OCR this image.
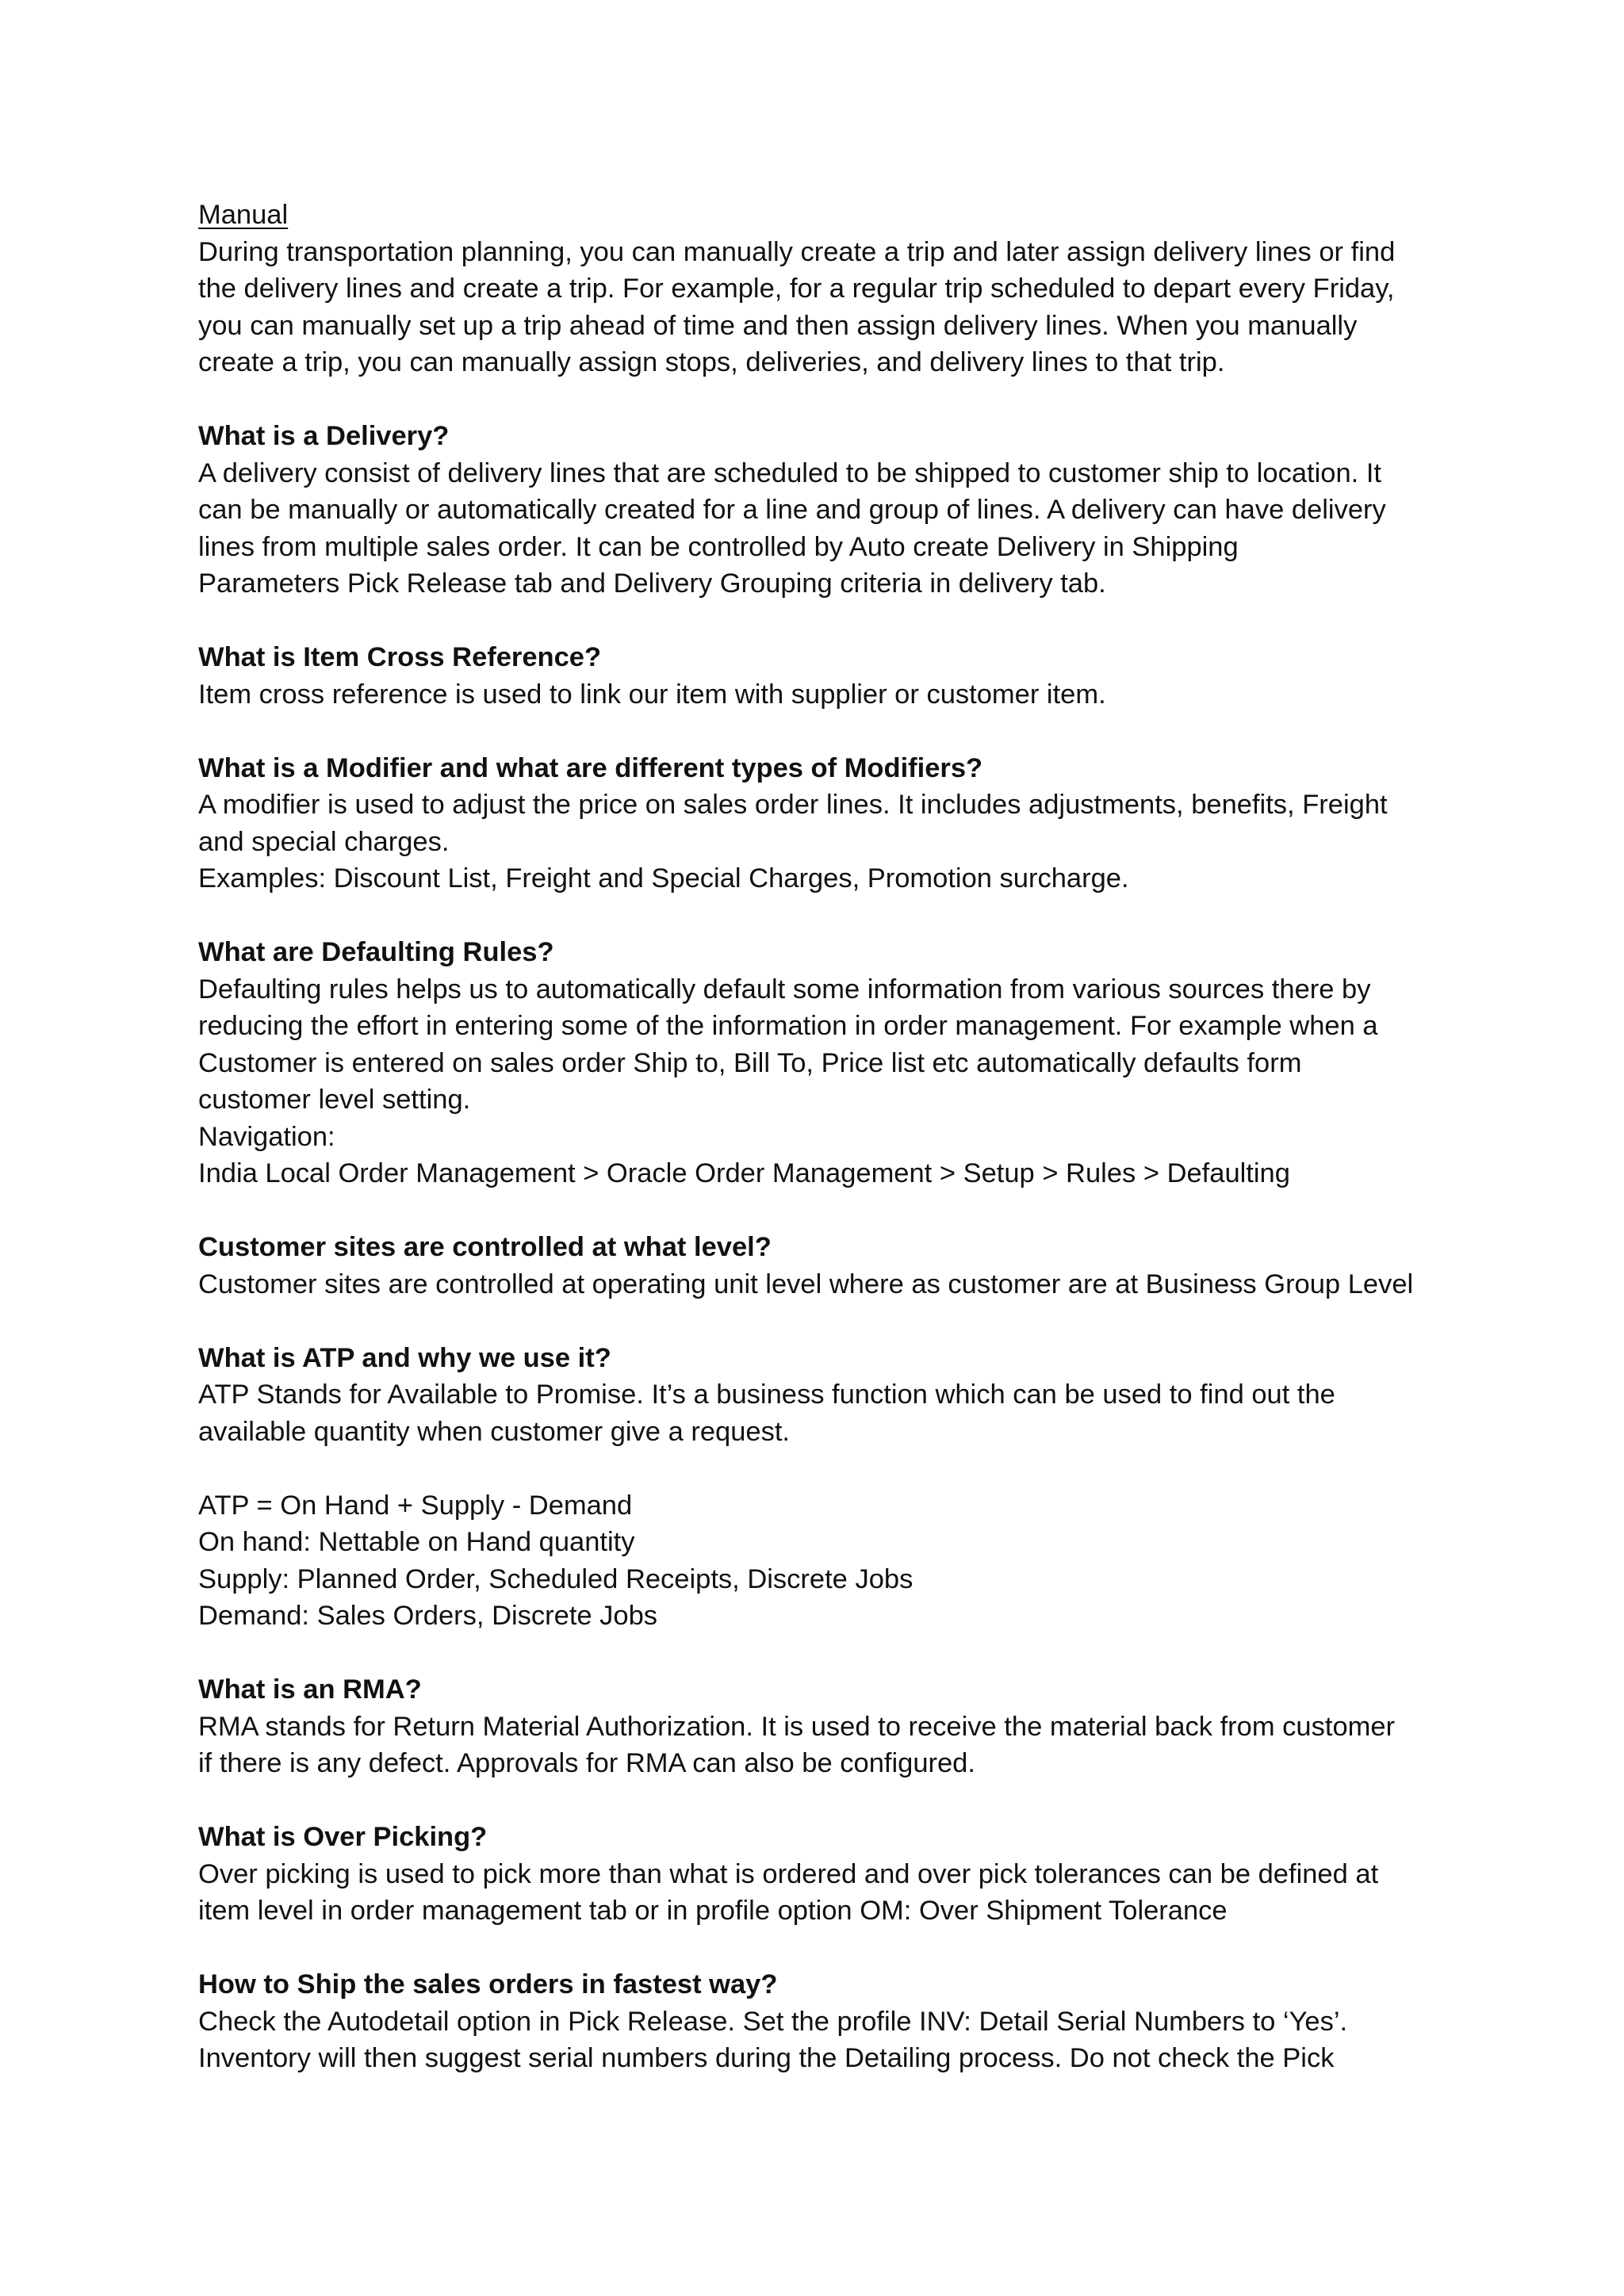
Manual
During transportation planning, you can manually create a trip and later assign delivery lines or find
the delivery lines and create a trip. For example, for a regular trip scheduled to depart every Friday,
you can manually set up a trip ahead of time and then assign delivery lines. When you manually
create a trip, you can manually assign stops, deliveries, and delivery lines to that trip.
What is a Delivery?
A delivery consist of delivery lines that are scheduled to be shipped to customer ship to location. It
can be manually or automatically created for a line and group of lines. A delivery can have delivery
lines from multiple sales order. It can be controlled by Auto create Delivery in Shipping
Parameters Pick Release tab and Delivery Grouping criteria in delivery tab.
What is Item Cross Reference?
Item cross reference is used to link our item with supplier or customer item.
What is a Modifier and what are different types of Modifiers?
A modifier is used to adjust the price on sales order lines. It includes adjustments, benefits, Freight
and special charges.
Examples: Discount List, Freight and Special Charges, Promotion surcharge.
What are Defaulting Rules?
Defaulting rules helps us to automatically default some information from various sources there by
reducing the effort in entering some of the information in order management. For example when a
Customer is entered on sales order Ship to, Bill To, Price list etc automatically defaults form
customer level setting.
Navigation:
India Local Order Management > Oracle Order Management > Setup > Rules > Defaulting
Customer sites are controlled at what level?
Customer sites are controlled at operating unit level where as customer are at Business Group Level
What is ATP and why we use it?
ATP Stands for Available to Promise. It’s a business function which can be used to find out the
available quantity when customer give a request.
ATP = On Hand + Supply - Demand
On hand: Nettable on Hand quantity
Supply: Planned Order, Scheduled Receipts, Discrete Jobs
Demand: Sales Orders, Discrete Jobs
What is an RMA?
RMA stands for Return Material Authorization. It is used to receive the material back from customer
if there is any defect. Approvals for RMA can also be configured.
What is Over Picking?
Over picking is used to pick more than what is ordered and over pick tolerances can be defined at
item level in order management tab or in profile option OM: Over Shipment Tolerance
How to Ship the sales orders in fastest way?
Check the Autodetail option in Pick Release. Set the profile INV: Detail Serial Numbers to ‘Yes’.
Inventory will then suggest serial numbers during the Detailing process. Do not check the Pick
